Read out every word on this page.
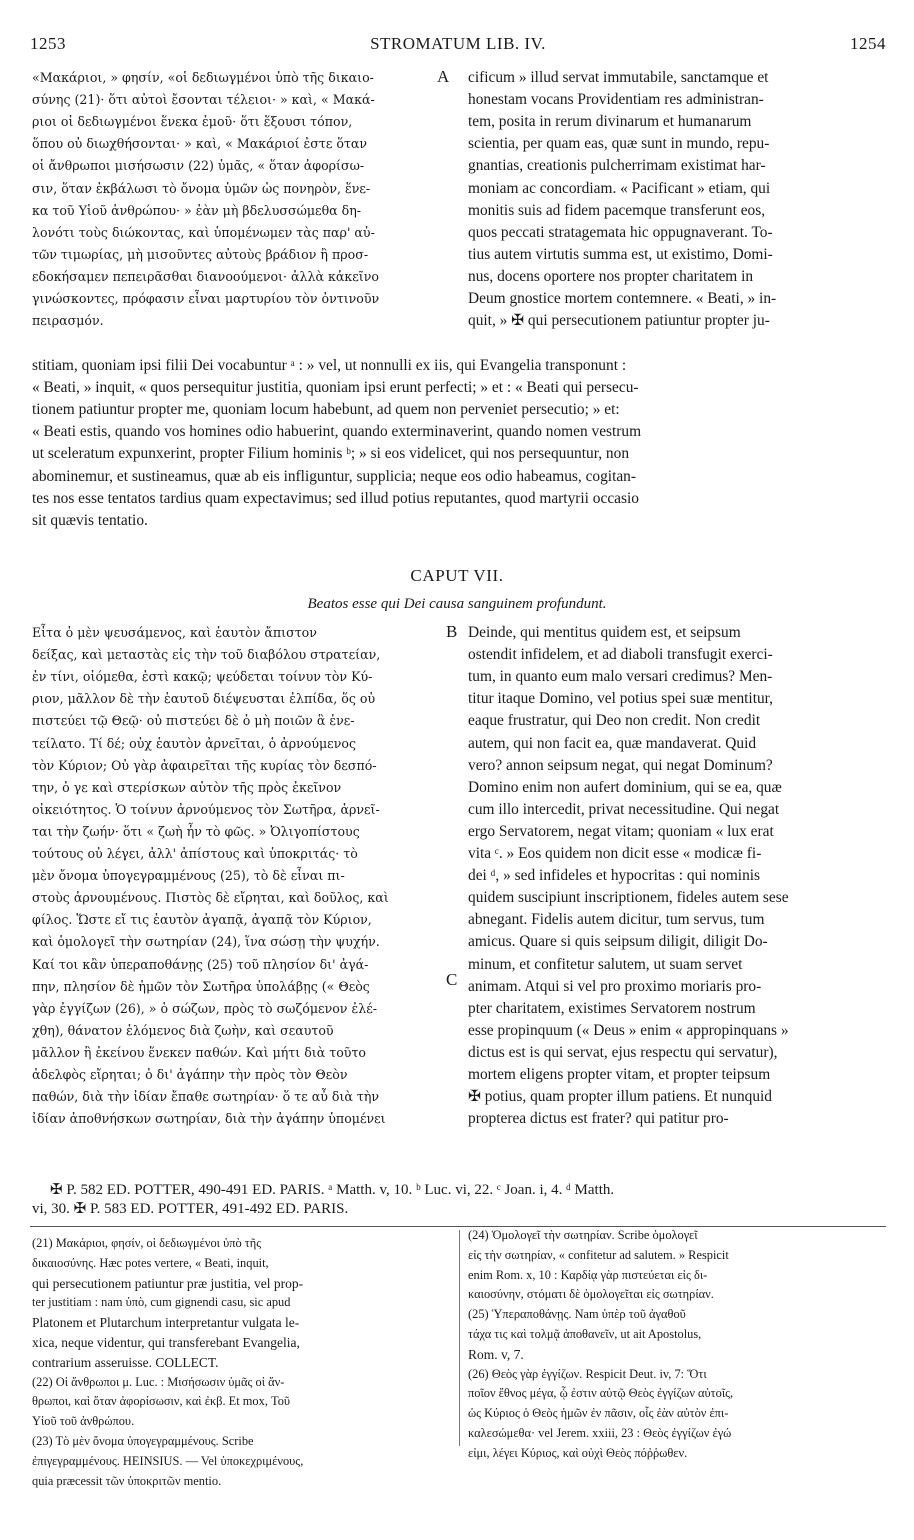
1253	STROMATUM LIB. IV.	1254
«Μακάριοι, » φησίν, «οἱ δεδιωγμένοι ὑπὸ τῆς δικαιο-
σύνης (21)· ὅτι αὐτοὶ ἔσονται τέλειοι· » καὶ, « Μακά-
ριοι οἱ δεδιωγμένοι ἕνεκα ἐμοῦ· ὅτι ἕξουσι τόπον,
ὅπου οὐ διωχθήσονται· » καὶ, « Μακάριοί ἐστε ὅταν
οἱ ἄνθρωποι μισήσωσιν (22) ὑμᾶς, « ὅταν ἀφορίσω-
σιν, ὅταν ἐκβάλωσι τὸ ὄνομα ὑμῶν ὡς πονηρὸν, ἕνε-
κα τοῦ Υἱοῦ ἀνθρώπου· » ἐὰν μὴ βδελυσσώμεθα δη-
λονότι τοὺς διώκοντας, καὶ ὑπομένωμεν τὰς παρ' αὐ-
τῶν τιμωρίας, μὴ μισοῦντες αὐτοὺς βράδιον ἢ προσ-
εδοκήσαμεν πεπειρᾶσθαι διανοούμενοι· ἀλλὰ κἀκεῖνο
γινώσκοντες, πρόφασιν εἶναι μαρτυρίου τὸν ὀντινοῦν
πειρασμόν.
cificum » illud servat immutabile, sanctamque et
honestam vocans Providentiam res administran-
tem, posita in rerum divinarum et humanarum
scientia, per quam eas, quæ sunt in mundo, repu-
gnantias, creationis pulcherrimam existimat har-
moniam ac concordiam. « Pacificant » etiam, qui
monitis suis ad fidem pacemque transferunt eos,
quos peccati stratagemata hic oppugnaverant. To-
tius autem virtutis summa est, ut existimo, Domi-
nus, docens oportere nos propter charitatem in
Deum gnostice mortem contemnere. « Beati, » in-
quit, » ✠ qui persecutionem patiuntur propter ju-
stitiam, quoniam ipsi filii Dei vocabuntur ᵃ : » vel, ut nonnulli ex iis, qui Evangelia transponunt :
« Beati, » inquit, « quos persequitur justitia, quoniam ipsi erunt perfecti; » et : « Beati qui persecu-
tionem patiuntur propter me, quoniam locum habebunt, ad quem non perveniet persecutio; » et:
« Beati estis, quando vos homines odio habuerint, quando exterminaverint, quando nomen vestrum
ut sceleratum expunxerint, propter Filium hominis ᵇ; » si eos videlicet, qui nos persequuntur, non
abominemur, et sustineamus, quæ ab eis infliguntur, supplicia; neque eos odio habeamus, cogitan-
tes nos esse tentatos tardius quam expectavimus; sed illud potius reputantes, quod martyrii occasio
sit quævis tentatio.
A
B
C
CAPUT VII.
Beatos esse qui Dei causa sanguinem profundunt.
Εἶτα ὁ μὲν ψευσάμενος, καὶ ἑαυτὸν ἄπιστον
δείξας, καὶ μεταστὰς εἰς τὴν τοῦ διαβόλου στρατείαν,
ἐν τίνι, οἰόμεθα, ἐστὶ κακῷ; ψεύδεται τοίνυν τὸν Κύ-
ριον, μᾶλλον δὲ τὴν ἑαυτοῦ διέψευσται ἐλπίδα, ὅς οὐ
πιστεύει τῷ Θεῷ· οὐ πιστεύει δὲ ὁ μὴ ποιῶν ἃ ἐνε-
τείλατο. Τί δέ; οὐχ ἑαυτὸν ἀρνεῖται, ὁ ἀρνούμενος
τὸν Κύριον; Οὐ γὰρ ἀφαιρεῖται τῆς κυρίας τὸν δεσπό-
την, ὁ γε καὶ στερίσκων αὑτὸν τῆς πρὸς ἐκεῖνον
οἰκειότητος. Ὁ τοίνυν ἀρνούμενος τὸν Σωτῆρα, ἀρνεῖ-
ται τὴν ζωήν· ὅτι « ζωὴ ἦν τὸ φῶς. » Ὀλιγοπίστους
τούτους οὐ λέγει, ἀλλ' ἀπίστους καὶ ὑποκριτάς· τὸ
μὲν ὄνομα ὑπογεγραμμένους (25), τὸ δὲ εἶναι πι-
στοὺς ἀρνουμένους. Πιστὸς δὲ εἴρηται, καὶ δοῦλος, καὶ
φίλος. Ὥστε εἴ τις ἑαυτὸν ἀγαπᾷ, ἀγαπᾷ τὸν Κύριον,
καὶ ὁμολογεῖ τὴν σωτηρίαν (24), ἵνα σώσῃ τὴν ψυχήν.
Καί τοι κἂν ὑπεραποθάνῃς (25) τοῦ πλησίον δι' ἀγά-
πην, πλησίον δὲ ἡμῶν τὸν Σωτῆρα ὑπολάβῃς (« Θεὸς
γὰρ ἐγγίζων (26), » ὁ σώζων, πρὸς τὸ σωζόμενον ἐλέ-
χθη), θάνατον ἑλόμενος διὰ ζωὴν, καὶ σεαυτοῦ
μᾶλλον ἢ ἐκείνου ἕνεκεν παθών. Καὶ μήτι διὰ τοῦτο
ἀδελφὸς εἴρηται; ὁ δι' ἀγάπην τὴν πρὸς τὸν Θεὸν
παθών, διὰ τὴν ἰδίαν ἔπαθε σωτηρίαν· ὅ τε αὖ διὰ τὴν
ἰδίαν ἀποθνήσκων σωτηρίαν, διὰ τὴν ἀγάπην ὑπομένει
Deinde, qui mentitus quidem est, et seipsum
ostendit infidelem, et ad diaboli transfugit exerci-
tum, in quanto eum malo versari credimus? Men-
titur itaque Domino, vel potius spei suæ mentitur,
eaque frustratur, qui Deo non credit. Non credit
autem, qui non facit ea, quæ mandaverat. Quid
vero? annon seipsum negat, qui negat Dominum?
Domino enim non aufert dominium, qui se ea, quæ
cum illo intercedit, privat necessitudine. Qui negat
ergo Servatorem, negat vitam; quoniam « lux erat
vita ᶜ. » Eos quidem non dicit esse « modicæ fi-
dei ᵈ, » sed infideles et hypocritas : qui nominis
quidem suscipiunt inscriptionem, fideles autem sese
abnegant. Fidelis autem dicitur, tum servus, tum
amicus. Quare si quis seipsum diligit, diligit Do-
minum, et confitetur salutem, ut suam servet
animam. Atqui si vel pro proximo moriaris pro-
pter charitatem, existimes Servatorem nostrum
esse propinquum (« Deus » enim « appropinquans »
dictus est is qui servat, ejus respectu qui servatur),
mortem eligens propter vitam, et propter teipsum
✠ potius, quam propter illum patiens. Et nunquid
propterea dictus est frater? qui patitur pro-
✠ P. 582 ED. POTTER, 490-491 ED. PARIS. ᵃ Matth. v, 10. ᵇ Luc. vi, 22. ᶜ Joan. i, 4. ᵈ Matth.
vi, 30. ✠ P. 583 ED. POTTER, 491-492 ED. PARIS.
(21) Μακάριοι, φησίν, οἱ δεδιωγμένοι ὑπὸ τῆς
δικαιοσύνης. Hæc potes vertere, « Beati, inquit,
qui persecutionem patiuntur præ justitia, vel prop-
ter justitiam : nam ὑπὸ, cum gignendi casu, sic apud
Platonem et Plutarchum interpretantur vulgata le-
xica, neque videntur, qui transferebant Evangelia,
contrarium asseruisse. COLLECT.
(22) Οἱ ἄνθρωποι μ. Luc. : Μισήσωσιν ὑμᾶς οἱ ἄν-
θρωποι, καὶ ὅταν ἀφορίσωσιν, καὶ ἐκβ. Et mox, Τοῦ
Υἱοῦ τοῦ ἀνθρώπου.
(23) Τὸ μὲν ὄνομα ὑπογεγραμμένους. Scribe
ἐπιγεγραμμένους. HEINSIUS. — Vel ὑποκεχριμένους,
quia præcessit τῶν ὑποκριτῶν mentio.
(24) Ὁμολογεῖ τὴν σωτηρίαν. Scribe ὁμολογεῖ
εἰς τὴν σωτηρίαν, « confitetur ad salutem. » Respicit
enim Rom. x, 10 : Καρδίᾳ γὰρ πιστεύεται εἰς δι-
καιοσύνην, στόματι δὲ ὁμολογεῖται εἰς σωτηρίαν.
(25) Ὑπεραποθάνῃς. Nam ὑπὲρ τοῦ ἀγαθοῦ
τάχα τις καὶ τολμᾷ ἀποθανεῖν, ut ait Apostolus,
Rom. v, 7.
(26) Θεὸς γὰρ ἐγγίζων. Respicit Deut. iv, 7: Ὅτι
ποῖον ἔθνος μέγα, ᾧ ἐστιν αὐτῷ Θεὸς ἐγγίζων αὐτοῖς,
ὡς Κύριος ὁ Θεὸς ἡμῶν ἐν πᾶσιν, οἷς ἐὰν αὐτὸν ἐπι-
καλεσώμεθα· vel Jerem. xxiii, 23 : Θεὸς ἐγγίζων ἐγώ
εἰμι, λέγει Κύριος, καὶ οὐχὶ Θεὸς πόῤῥωθεν.
